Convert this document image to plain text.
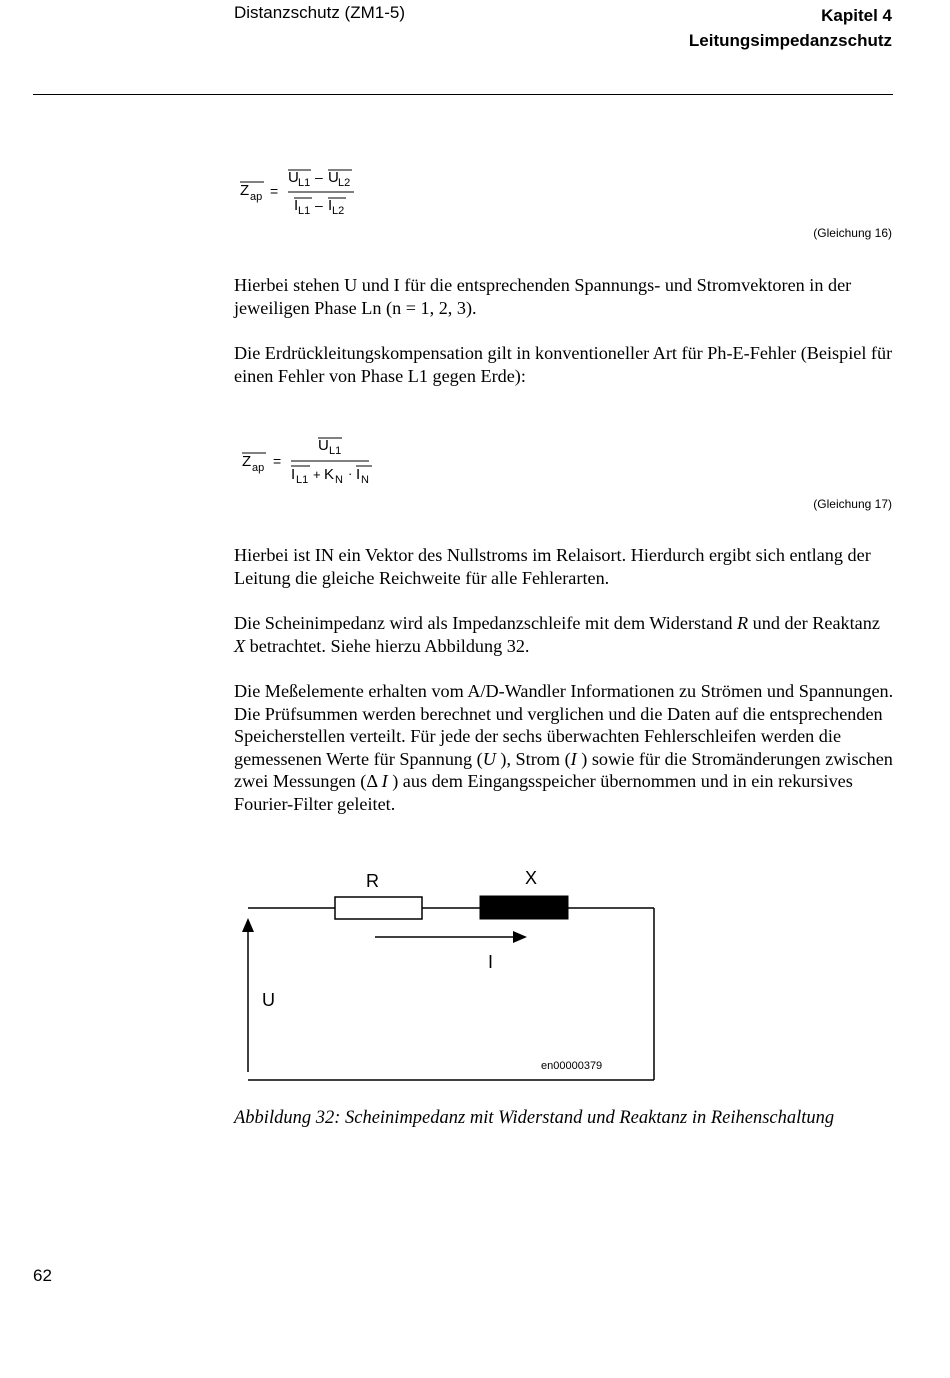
Distanzschutz (ZM1-5)	Kapitel 4
Leitungsimpedanzschutz
Z ap =
U L1 – U L2
I L1 – I L2
(Gleichung 16)

Hierbei stehen U und I für die entsprechenden Spannungs- und Stromvektoren in der jeweiligen Phase Ln (n = 1, 2, 3).

Die Erdrückleitungskompensation gilt in konventioneller Art für Ph-E-Fehler (Beispiel für einen Fehler von Phase L1 gegen Erde):

Z ap =
U L1
I L1 + K N · I N
(Gleichung 17)

Hierbei ist IN ein Vektor des Nullstroms im Relaisort. Hierdurch ergibt sich entlang der Leitung die gleiche Reichweite für alle Fehlerarten.

Die Scheinimpedanz wird als Impedanzschleife mit dem Widerstand R und der Reaktanz X betrachtet. Siehe hierzu Abbildung 32.

Die Meßelemente erhalten vom A/D-Wandler Informationen zu Strömen und Spannungen. Die Prüfsummen werden berechnet und verglichen und die Daten auf die entsprechenden Speicherstellen verteilt. Für jede der sechs überwachten Fehlerschleifen werden die gemessenen Werte für Spannung (U ), Strom (I ) sowie für die Stromänderungen zwischen zwei Messungen (Δ I ) aus dem Eingangsspeicher übernommen und in ein rekursives Fourier-Filter geleitet.

R	X
I
U
en00000379
Abbildung 32: Scheinimpedanz mit Widerstand und Reaktanz in Reihenschaltung
62
